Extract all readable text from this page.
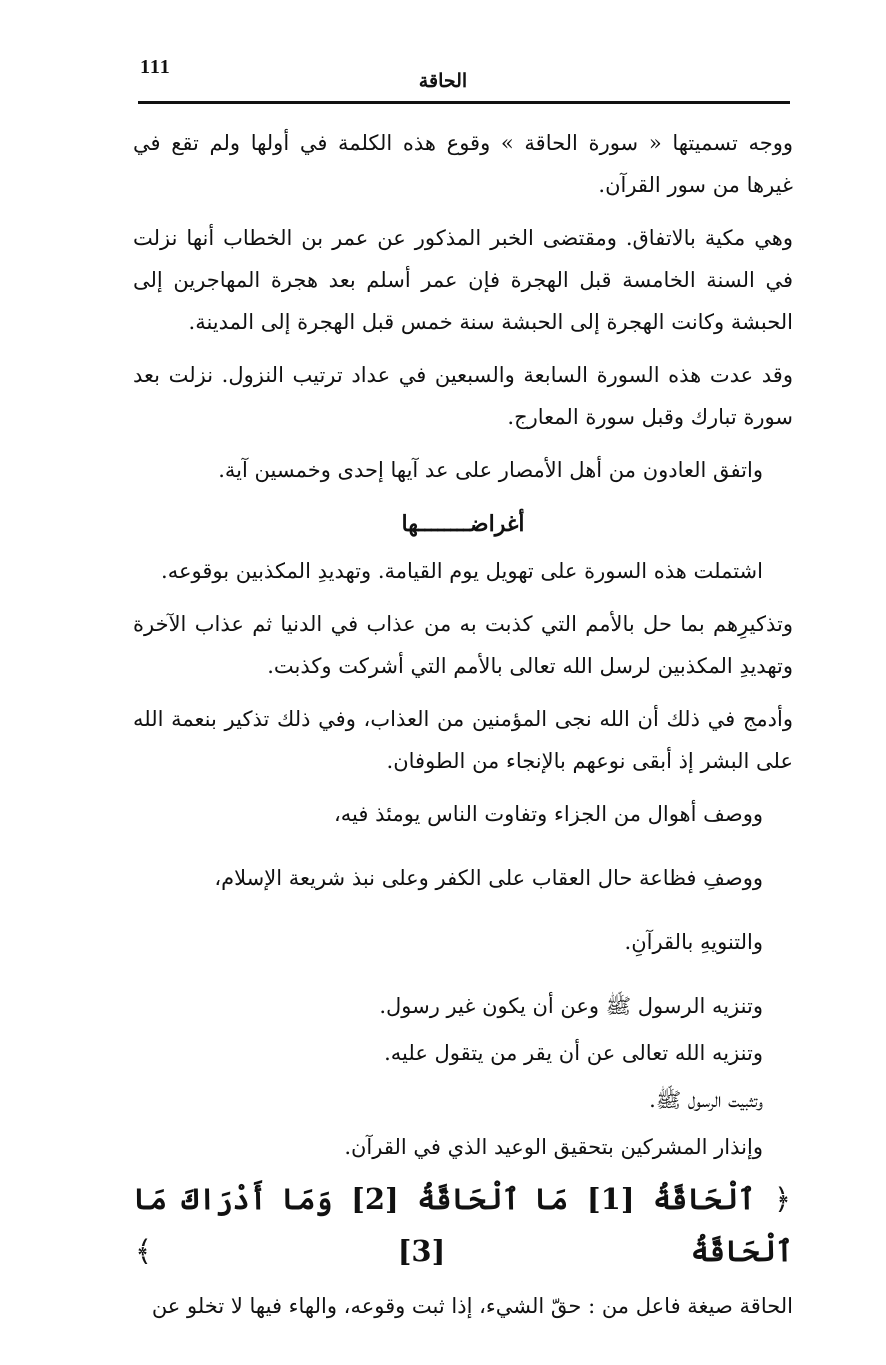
111
الحاقة

ووجه تسميتها « سورة الحاقة » وقوع هذه الكلمة في أولها ولم تقع في غيرها من سور القرآن.

وهي مكية بالاتفاق. ومقتضى الخبر المذكور عن عمر بن الخطاب أنها نزلت في السنة الخامسة قبل الهجرة فإن عمر أسلم بعد هجرة المهاجرين إلى الحبشة وكانت الهجرة إلى الحبشة سنة خمس قبل الهجرة إلى المدينة.

وقد عدت هذه السورة السابعة والسبعين في عداد ترتيب النزول. نزلت بعد سورة تبارك وقبل سورة المعارج.

واتفق العادون من أهل الأمصار على عد آيها إحدى وخمسين آية.

أغراضــــــــها

اشتملت هذه السورة على تهويل يوم القيامة. وتهديدِ المكذبين بوقوعه.

وتذكيرِهم بما حل بالأمم التي كذبت به من عذاب في الدنيا ثم عذاب الآخرة وتهديدِ المكذبين لرسل الله تعالى بالأمم التي أشركت وكذبت.

وأدمج في ذلك أن الله نجى المؤمنين من العذاب، وفي ذلك تذكير بنعمة الله على البشر إذ أبقى نوعهم بالإنجاء من الطوفان.

ووصف أهوال من الجزاء وتفاوت الناس يومئذ فيه،

ووصفِ فظاعة حال العقاب على الكفر وعلى نبذ شريعة الإسلام،

والتنويهِ بالقرآنِ.

وتنزيه الرسول ﷺ وعن أن يكون غير رسول.

وتنزيه الله تعالى عن أن يقر من يتقول عليه.

وتثبيت الرسول ﷺ.

وإنذار المشركين بتحقيق الوعيد الذي في القرآن.

﴿ ٱلْحَاقَّةُ [1] مَا ٱلْحَاقَّةُ [2] وَمَا أَدْرَاكَ مَا ٱلْحَاقَّةُ [3] ﴾

الحاقة صيغة فاعل من : حقّ الشيء، إذا ثبت وقوعه، والهاء فيها لا تخلو عن
